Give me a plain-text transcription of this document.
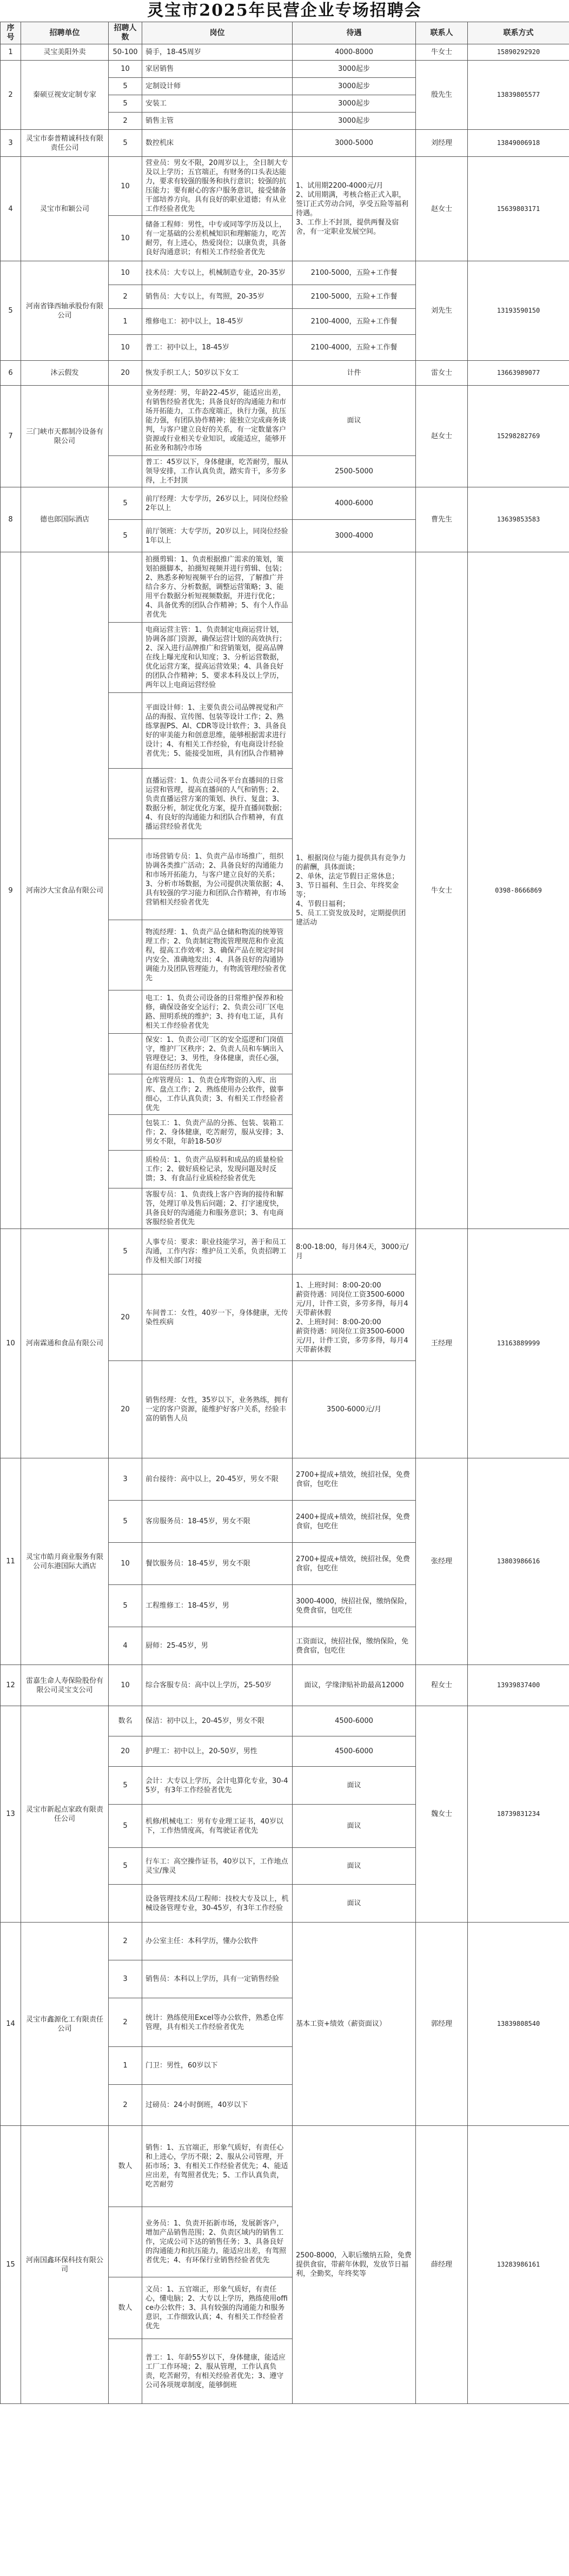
灵宝市2025年民营企业专场招聘会
序号	招聘单位	招聘人数	岗位	待遇	联系人	联系方式
1	灵宝美阳外卖	50-100	骑手，18-45周岁	4000-8000	牛女士	15890292920
2	秦硕豆视安定制专家	10	家居销售	3000起步	殷先生	13839805577
		5	定制设计师	3000起步		
		5	安装工	3000起步		
		2	销售主管	3000起步		
3	灵宝市泰普精诚科技有限责任公司	5	数控机床	3000-5000	刘经理	13849006918
4	灵宝市和颖公司	10	营业员：男女不限，20周岁以上，全日制大专及以上学历；五官端正，有财务的口头表达能力，要求有较强的服务和执行意识；较强的抗压能力；要有耐心的客户服务意识，接受储备干部培养方向。具有良好的职业道德；有从业工作经验者优先	1、试用期2200-4000元/月
2、试用期满，考核合格正式入职，签订正式劳动合同，享受五险等福利待遇。
3、工作上不封顶，提供两餐及宿舍，有一定职业发展空间。	赵女士	15639803171
		10	储备工程师：男性，中专或同等学历及以上，有一定基础的公差机械知识和理解能力，吃苦耐劳，有上进心，热爱岗位；以康负责，具备良好沟通意识；有相关工作经验者优先			
5	河南省锋西轴承股份有限公司	10	技术员：大专以上，机械制造专业，20-35岁	2100-5000，五险+工作餐	刘先生	13193590150
		2	销售员：大专以上，有驾照，20-35岁	2100-5000，五险+工作餐		
		1	维修电工：初中以上，18-45岁	2100-4000，五险+工作餐		
		10	普工：初中以上，18-45岁	2100-4000，五险+工作餐		
6	沐云假发	20	恢发手织工人；50岁以下女工	计件	雷女士	13663989077
7	三门峡市天都制冷设备有限公司		业务经理：男，年龄22-45岁，能适应出差，有销售经验者优先；具备良好的沟通能力和市场开拓能力，工作态度端正，执行力强，抗压能力强，有团队协作精神；能独立完成商务谈判，与客户建立良好的关系，有一定数量客户资源或行业相关专业知识，或能适应，能够开拓业务和制冷市场	面议	赵女士	15298282769
			普工：45岁以下，身体健康，吃苦耐劳，服从领导安排，工作认真负责，踏实肯干，多劳多得，上不封顶	2500-5000		
8	德也郎国际酒店	5	前厅经理：大专学历，26岁以上，同岗位经验2年以上	4000-6000	曹先生	13639853583
		5	前厅领班：大专学历，20岁以上，同岗位经验1年以上	3000-4000		
9	河南沙大宝食品有限公司		拍摄剪辑：1、负责根据推广需求的策划，策划拍摄脚本，拍摄短视频并进行剪辑、包装；2、熟悉多种短视频平台的运营，了解推广并结合多方、分析数据，调整运营策略；3、能用平台数据分析短视频数据，并进行优化；4、具备优秀的团队合作精神；5、有个人作品者优先	1、根据岗位与能力提供具有竞争力的薪酬，具体面谈；
2、单休，法定节假日正常休息；
3、节日福利、生日会、年终奖金等；
4、节假日福利；
5、员工工资发放及时，定期提供团建活动	牛女士	0398-8666869
			电商运营主管：1、负责制定电商运营计划，协调各部门资源，确保运营计划的高效执行；2、深入进行品牌推广和营销策划，提高品牌在线上曝光度和认知度；3、分析运营数据，优化运营方案，提高运营效果；4、具备良好的团队合作精神；5、要求本科及以上学历，两年以上电商运营经验			
			平面设计师：1、主要负责公司品牌视觉和产品的海报、宣传图、包装等设计工作；2、熟练掌握PS、AI、CDR等设计软件；3、具备良好的审美能力和创意思维，能够根据需求进行设计；4、有相关工作经验，有电商设计经验者优先；5、能接受加班，具有团队合作精神			
			直播运营：1、负责公司各平台直播间的日常运营和管理，提高直播间的人气和销售；2、负责直播运营方案的策划、执行、复盘；3、数据分析，制定优化方案，提升直播间数据；4、有良好的沟通能力和团队合作精神，有直播运营经验者优先			
			市场营销专员：1、负责产品市场推广，组织协调各类推广活动；2、具备良好的沟通能力和市场开拓能力，与客户建立良好的关系；3、分析市场数据，为公司提供决策依据；4、具有较强的学习能力和团队合作精神，有市场营销相关经验者优先			
			物流经理：1、负责产品仓储和物流的统筹管理工作；2、负责制定物流管理规范和作业流程，提高工作效率；3、确保产品在规定时间内安全、准确地发出；4、具备良好的沟通协调能力及团队管理能力，有物流管理经验者优先			
			电工：1、负责公司设备的日常维护保养和检修，确保设备安全运行；2、负责公司厂区电路、照明系统的维护；3、持有电工证，具有相关工作经验者优先			
			保安：1、负责公司厂区的安全巡逻和门岗值守，维护厂区秩序；2、负责人员和车辆出入管理登记；3、男性，身体健康，责任心强，有退伍经历者优先			
			仓库管理员：1、负责仓库物资的入库、出库、盘点工作；2、熟练使用办公软件，做事细心，工作认真负责；3、有相关工作经验者优先			
			包装工：1、负责产品的分拣、包装、装箱工作；2、身体健康，吃苦耐劳，服从安排；3、男女不限，年龄18-50岁			
			质检员：1、负责产品原料和成品的质量检验工作；2、做好质检记录，发现问题及时反馈；3、有食品行业质检经验者优先			
			客服专员：1、负责线上客户咨询的接待和解答，处理订单及售后问题；2、打字速度快，具备良好的沟通能力和服务意识；3、有电商客服经验者优先			
10	河南霖通和食品有限公司	5	人事专员：要求：职业技能学习，善于和员工沟通，工作内容：维护员工关系，负责招聘工作及相关部门对接	8:00-18:00，每月休4天，3000元/月	王经理	13163889999
		20	车间普工：女性，40岁一下，身体健康，无传染性疾病	1、上班时间：8:00-20:00
薪资待遇：同岗位工资3500-6000元/月，计件工资，多劳多得，每月4天带薪休假
2、上班时间：8:00-20:00
薪资待遇：同岗位工资3500-6000元/月，计件工资，多劳多得，每月4天带薪休假		
		20	销售经理：女性，35岁以下，业务熟练，拥有一定的客户资源，能维护好客户关系，经验丰富的销售人员	3500-6000元/月		
11	灵宝市皓月商业服务有限公司东港国际大酒店	3	前台接待：高中以上，20-45岁，男女不限	2700+提成+绩效，统招社保，免费食宿，包吃住	张经理	13803986616
		5	客房服务员：18-45岁，男女不限	2400+提成+绩效，统招社保，免费食宿，包吃住		
		10	餐饮服务员：18-45岁，男女不限	2700+提成+绩效，统招社保，免费食宿，包吃住		
		5	工程维修工：18-45岁，男	3000-4000，统招社保，缴纳保险，免费食宿，包吃住		
		4	厨师：25-45岁，男	工资面议，统招社保，缴纳保险，免费食宿，包吃住		
12	雷嘉生命人寿保险股份有限公司灵宝支公司	10	综合客服专员：高中以上学历，25-50岁	面议，学缘津贴补助最高12000	程女士	13939837400
13	灵宝市新起点家政有限责任公司	数名	保洁：初中以上，20-45岁，男女不限	4500-6000	魏女士	18739831234
		20	护理工：初中以上，20-50岁，男性	4500-6000		
		5	会计：大专以上学历，会计电算化专业，30-45岁，有3年工作经验者优先	面议		
		5	机修/机械电工：男有专业理工证书，40岁以下，工作热情度高，有驾驶证者优先	面议		
		5	行车工：高空操作证书，40岁以下，工作地点灵宝/豫灵	面议		
			设备管理技术员/工程师：技校大专及以上，机械设备管理专业，30-45岁，有3年工作经验	面议		
14	灵宝市鑫源化工有限责任公司	2	办公室主任：本科学历，懂办公软件	基本工资+绩效（薪资面议）	郭经理	13839808540
		3	销售员：本科以上学历，具有一定销售经验			
		2	统计：熟练使用Excel等办公软件，熟悉仓库管理，具有相关工作经验者优先			
		1	门卫：男性，60岁以下			
		2	过磅员：24小时倒班，40岁以下			
15	河南国鑫环保科技有限公司	数人	销售：1、五官端正，形象气质好，有责任心和上进心，学历不限；2、服从公司管理，开拓市场；3、有相关工作经验者优先；4、能适应出差，有驾照者优先；5、工作认真负责，吃苦耐劳	2500-8000，入职后缴纳五险，免费提供食宿，带薪年休假，发放节日福利，全勤奖，年终奖等	薛经理	13283986161
			业务员：1、负责开拓新市场，发展新客户，增加产品销售范围；2、负责区域内的销售工作，完成公司下达的销售任务；3、具备良好的沟通能力和抗压能力，能适应出差，有驾照者优先；4、有环保行业销售经验者优先			
		数人	文员：1、五官端正，形象气质好，有责任心，懂电脑；2、大专以上学历，熟练使用office办公软件；3、具有较强的沟通能力和服务意识，工作细致认真；4、有相关工作经验者优先			
			普工：1、年龄55岁以下，身体健康，能适应工厂工作环境；2、服从管理，工作认真负责，吃苦耐劳，有相关经验者优先；3、遵守公司各项规章制度，能够倒班			
